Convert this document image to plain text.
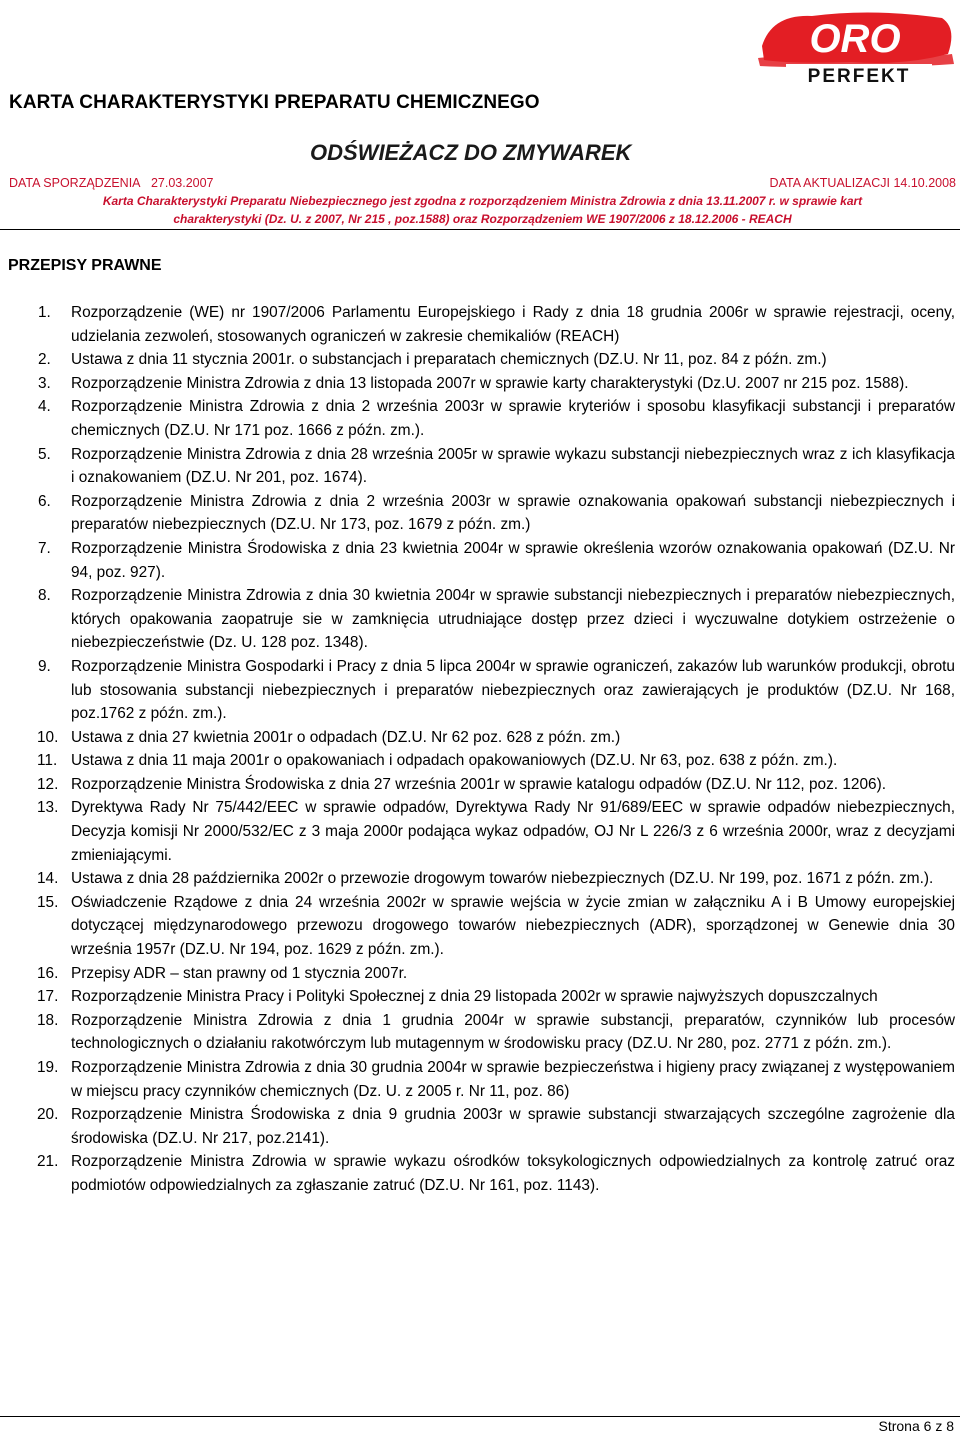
ORO
PERFEKT
KARTA CHARAKTERYSTYKI PREPARATU CHEMICZNEGO
ODŚWIEŻACZ DO ZMYWAREK
DATA SPORZĄDZENIA 27.03.2007	DATA AKTUALIZACJI 14.10.2008
Karta Charakterystyki Preparatu Niebezpiecznego jest zgodna z rozporządzeniem Ministra Zdrowia z dnia 13.11.2007 r. w sprawie kart
charakterystyki (Dz. U. z 2007, Nr 215 , poz.1588) oraz Rozporządzeniem WE 1907/2006 z 18.12.2006 - REACH
PRZEPISY PRAWNE
1. Rozporządzenie (WE) nr 1907/2006 Parlamentu Europejskiego i Rady z dnia 18 grudnia 2006r w sprawie rejestracji, oceny, udzielania zezwoleń, stosowanych ograniczeń w zakresie chemikaliów (REACH)
2. Ustawa z dnia 11 stycznia 2001r. o substancjach i preparatach chemicznych (DZ.U. Nr 11, poz. 84 z późn. zm.)
3. Rozporządzenie Ministra Zdrowia z dnia 13 listopada 2007r w sprawie karty charakterystyki (Dz.U. 2007 nr 215 poz. 1588).
4. Rozporządzenie Ministra Zdrowia z dnia 2 września 2003r w sprawie kryteriów i sposobu klasyfikacji substancji i preparatów chemicznych (DZ.U. Nr 171 poz. 1666 z późn. zm.).
5. Rozporządzenie Ministra Zdrowia z dnia 28 września 2005r w sprawie wykazu substancji niebezpiecznych wraz z ich klasyfikacja i oznakowaniem (DZ.U. Nr 201, poz. 1674).
6. Rozporządzenie Ministra Zdrowia z dnia 2 września 2003r w sprawie oznakowania opakowań substancji niebezpiecznych i preparatów niebezpiecznych (DZ.U. Nr 173, poz. 1679 z późn. zm.)
7. Rozporządzenie Ministra Środowiska z dnia 23 kwietnia 2004r w sprawie określenia wzorów oznakowania opakowań (DZ.U. Nr 94, poz. 927).
8. Rozporządzenie Ministra Zdrowia z dnia 30 kwietnia 2004r w sprawie substancji niebezpiecznych i preparatów niebezpiecznych, których opakowania zaopatruje sie w zamknięcia utrudniające dostęp przez dzieci i wyczuwalne dotykiem ostrzeżenie o niebezpieczeństwie (Dz. U. 128 poz. 1348).
9. Rozporządzenie Ministra Gospodarki i Pracy z dnia 5 lipca 2004r w sprawie ograniczeń, zakazów lub warunków produkcji, obrotu lub stosowania substancji niebezpiecznych i preparatów niebezpiecznych oraz zawierających je produktów (DZ.U. Nr 168, poz.1762 z późn. zm.).
10. Ustawa z dnia 27 kwietnia 2001r o odpadach (DZ.U. Nr 62 poz. 628 z późn. zm.)
11. Ustawa z dnia 11 maja 2001r o opakowaniach i odpadach opakowaniowych (DZ.U. Nr 63, poz. 638 z późn. zm.).
12. Rozporządzenie Ministra Środowiska z dnia 27 września 2001r w sprawie katalogu odpadów (DZ.U. Nr 112, poz. 1206).
13. Dyrektywa Rady Nr 75/442/EEC w sprawie odpadów, Dyrektywa Rady Nr 91/689/EEC w sprawie odpadów niebezpiecznych, Decyzja komisji Nr 2000/532/EC z 3 maja 2000r podająca wykaz odpadów, OJ Nr L 226/3 z 6 września 2000r, wraz z decyzjami zmieniającymi.
14. Ustawa z dnia 28 października 2002r o przewozie drogowym towarów niebezpiecznych (DZ.U. Nr 199, poz. 1671 z późn. zm.).
15. Oświadczenie Rządowe z dnia 24 września 2002r w sprawie wejścia w życie zmian w załączniku A i B Umowy europejskiej dotyczącej międzynarodowego przewozu drogowego towarów niebezpiecznych (ADR), sporządzonej w Genewie dnia 30 września 1957r (DZ.U. Nr 194, poz. 1629 z późn. zm.).
16. Przepisy ADR – stan prawny od 1 stycznia 2007r.
17. Rozporządzenie Ministra Pracy i Polityki Społecznej z dnia 29 listopada 2002r w sprawie najwyższych dopuszczalnych
18. Rozporządzenie Ministra Zdrowia z dnia 1 grudnia 2004r w sprawie substancji, preparatów, czynników lub procesów technologicznych o działaniu rakotwórczym lub mutagennym w środowisku pracy (DZ.U. Nr 280, poz. 2771 z późn. zm.).
19. Rozporządzenie Ministra Zdrowia z dnia 30 grudnia 2004r w sprawie bezpieczeństwa i higieny pracy związanej z występowaniem w miejscu pracy czynników chemicznych (Dz. U. z 2005 r. Nr 11, poz. 86)
20. Rozporządzenie Ministra Środowiska z dnia 9 grudnia 2003r w sprawie substancji stwarzających szczególne zagrożenie dla środowiska (DZ.U. Nr 217, poz.2141).
21. Rozporządzenie Ministra Zdrowia w sprawie wykazu ośrodków toksykologicznych odpowiedzialnych za kontrolę zatruć oraz podmiotów odpowiedzialnych za zgłaszanie zatruć (DZ.U. Nr 161, poz. 1143).
Strona 6 z 8
